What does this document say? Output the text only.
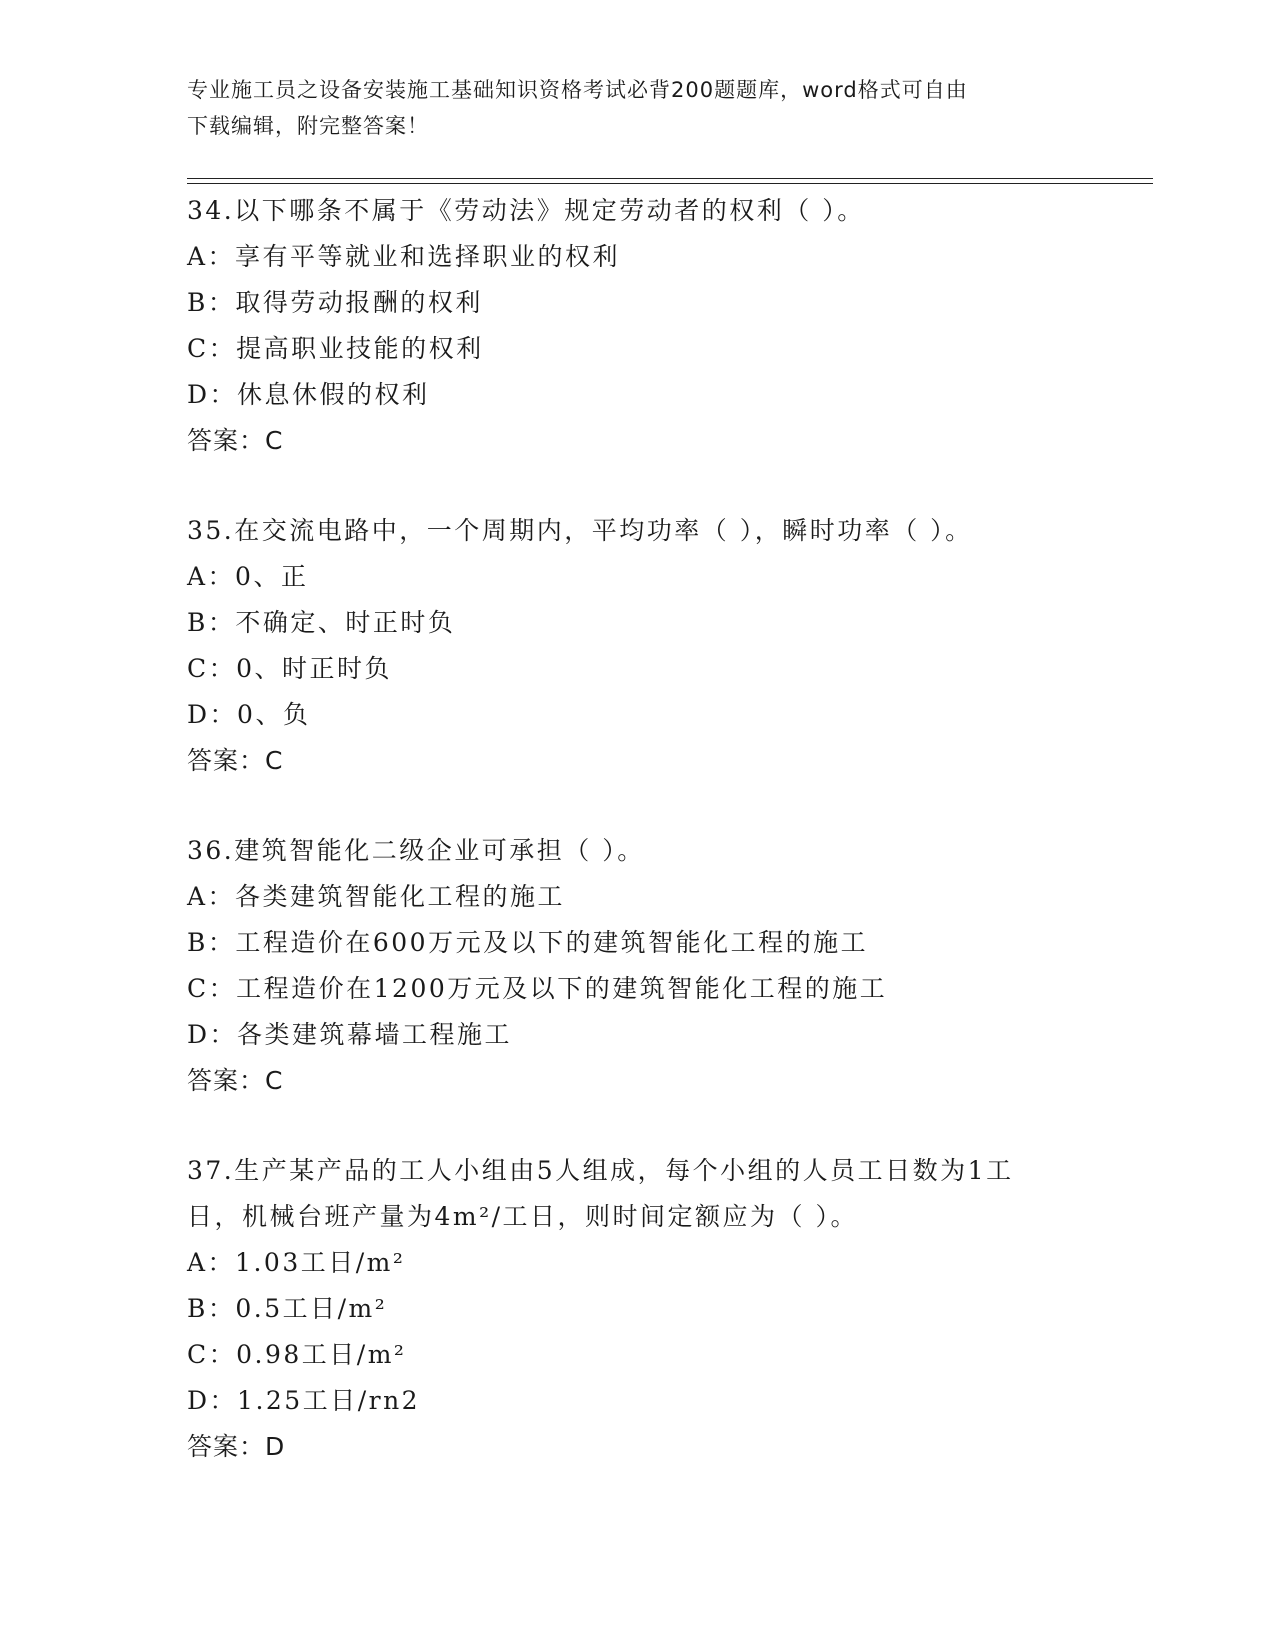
专业施工员之设备安装施工基础知识资格考试必背200题题库，word格式可自由
下载编辑，附完整答案！
34.以下哪条不属于《劳动法》规定劳动者的权利（ ）。
A：享有平等就业和选择职业的权利
B：取得劳动报酬的权利
C：提高职业技能的权利
D：休息休假的权利
答案：C
35.在交流电路中，一个周期内，平均功率（ ），瞬时功率（ ）。
A：0、正
B：不确定、时正时负
C：0、时正时负
D：0、负
答案：C
36.建筑智能化二级企业可承担（ ）。
A：各类建筑智能化工程的施工
B：工程造价在600万元及以下的建筑智能化工程的施工
C：工程造价在1200万元及以下的建筑智能化工程的施工
D：各类建筑幕墙工程施工
答案：C
37.生产某产品的工人小组由5人组成，每个小组的人员工日数为1工
日，机械台班产量为4m²/工日，则时间定额应为（ ）。
A：1.03工日/m²
B：0.5工日/m²
C：0.98工日/m²
D：1.25工日/rn2
答案：D
